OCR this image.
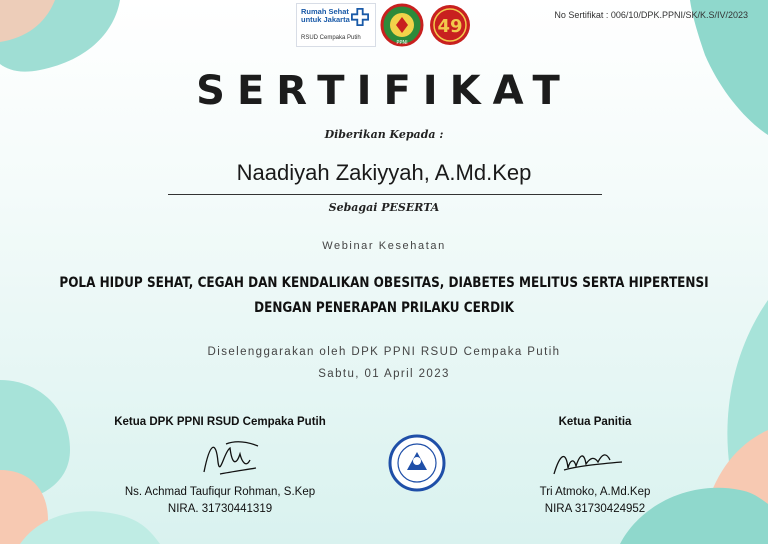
Rumah Sehat
untuk Jakarta
RSUD Cempaka Putih
PPNI
49
No Sertifikat : 006/10/DPK.PPNI/SK/K.S/IV/2023
SERTIFIKAT
Diberikan Kepada :
Naadiyah Zakiyyah, A.Md.Kep
Sebagai PESERTA
Webinar Kesehatan
POLA HIDUP SEHAT, CEGAH DAN KENDALIKAN OBESITAS, DIABETES MELITUS SERTA HIPERTENSI
DENGAN PENERAPAN PRILAKU CERDIK
Diselenggarakan oleh DPK PPNI RSUD Cempaka Putih
Sabtu, 01 April 2023
Ketua DPK PPNI RSUD Cempaka Putih
Ns. Achmad Taufiqur Rohman, S.Kep
NIRA. 31730441319
Ketua Panitia
Tri Atmoko, A.Md.Kep
NIRA 31730424952
